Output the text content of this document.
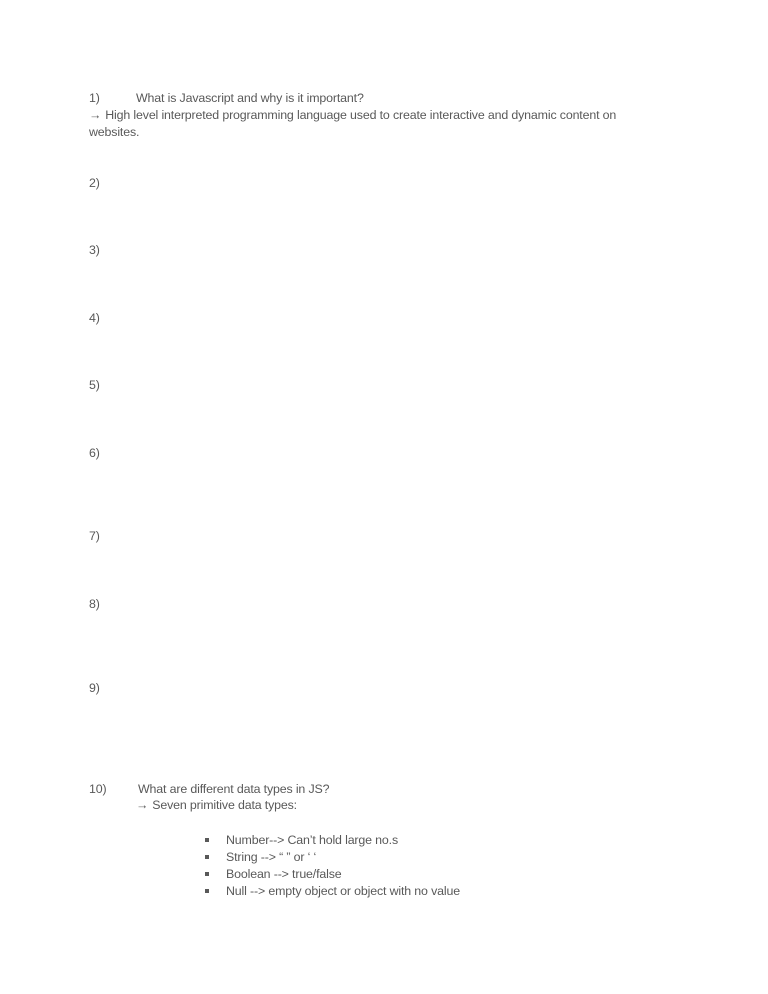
1)	What is Javascript and why is it important?
→ High level interpreted programming language used to create interactive and dynamic content on
websites.
2)
3)
4)
5)
6)
7)
8)
9)
10)	What are different data types in JS?
→ Seven primitive data types:
Number--> Can’t hold large no.s
String --> “ ” or ‘ ‘
Boolean --> true/false
Null --> empty object or object with no value
